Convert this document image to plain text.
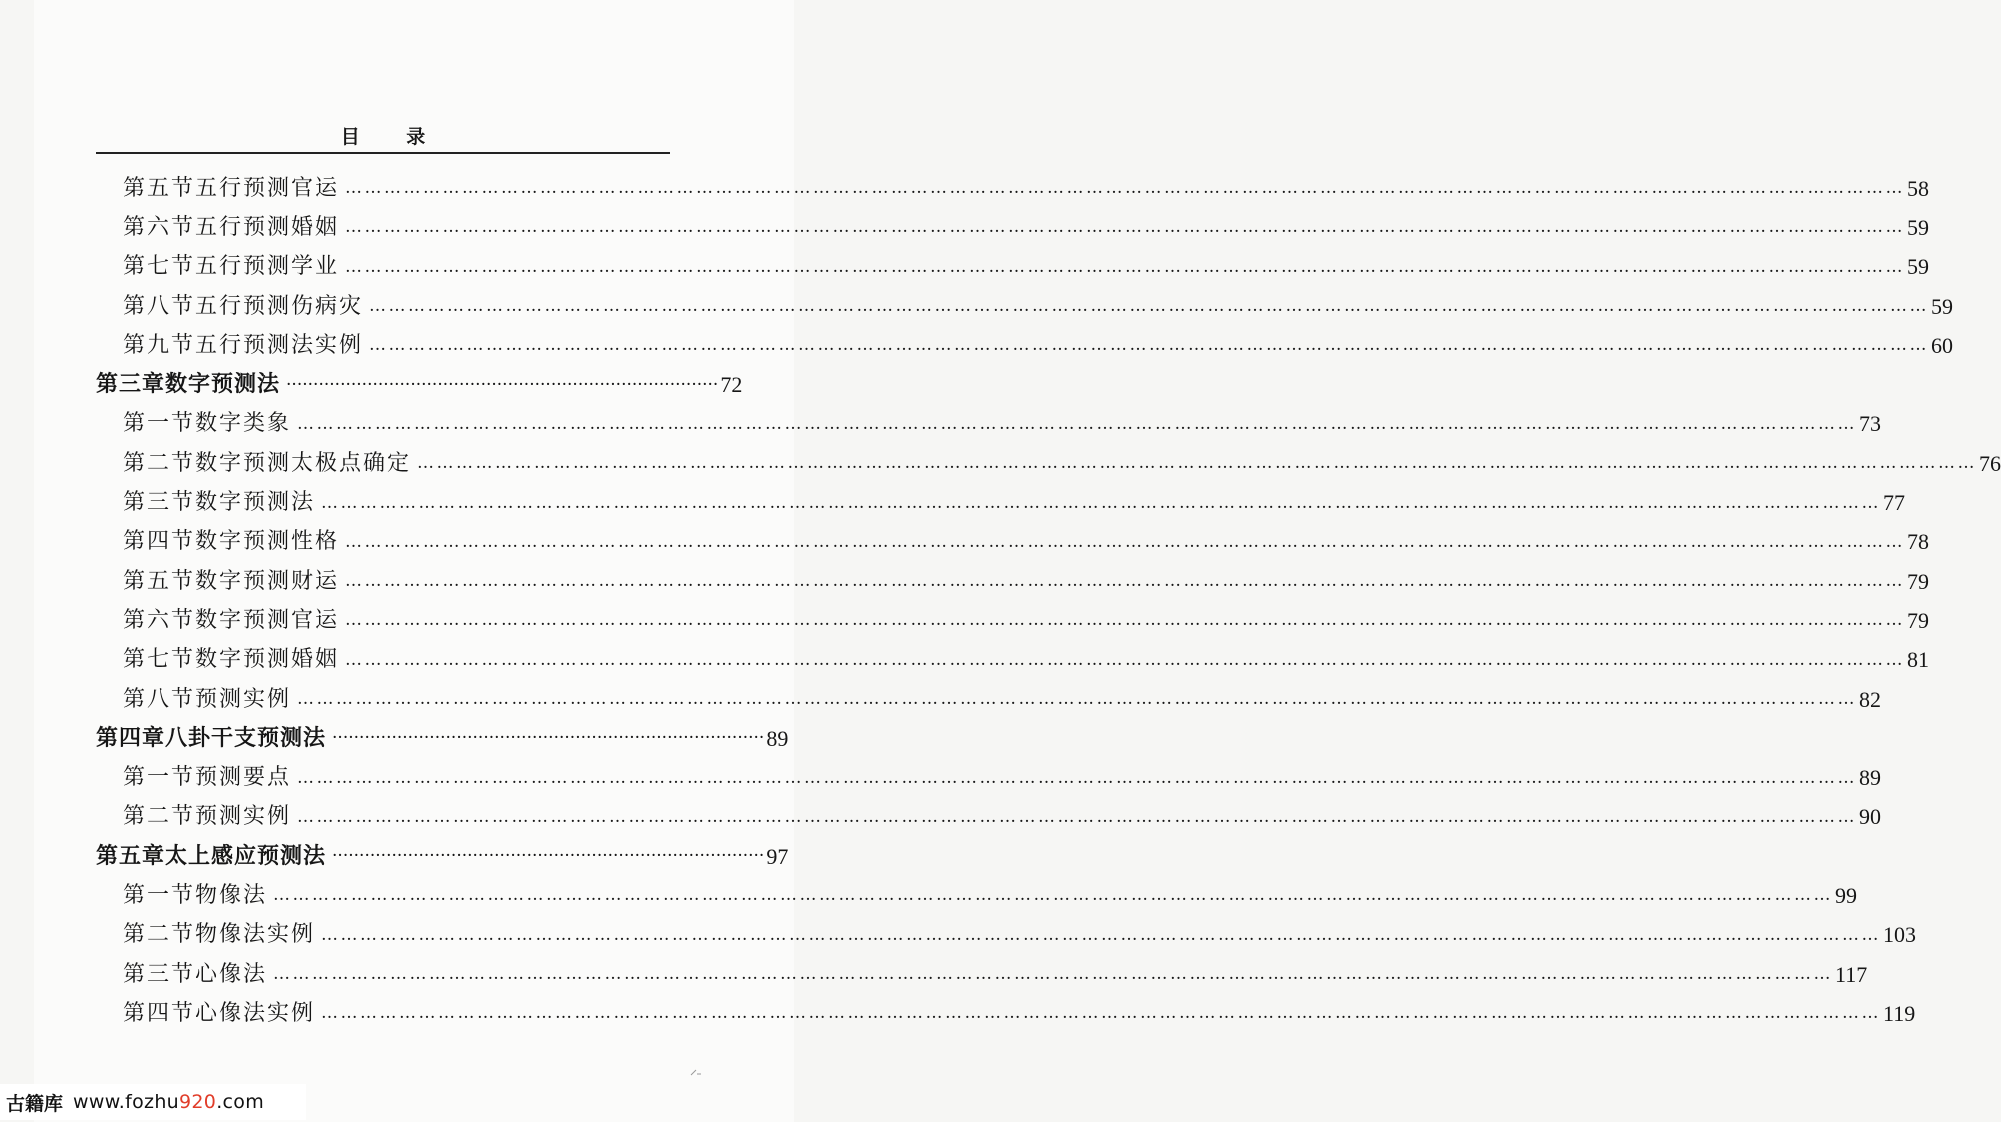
目 录
第五节 五行预测官运 …………………………………………………………………………………………………………………………………………………………………………………………………………………… 58
第六节 五行预测婚姻 …………………………………………………………………………………………………………………………………………………………………………………………………………………… 59
第七节 五行预测学业 …………………………………………………………………………………………………………………………………………………………………………………………………………………… 59
第八节 五行预测伤病灾 …………………………………………………………………………………………………………………………………………………………………………………………………………………… 59
第九节 五行预测法实例 …………………………………………………………………………………………………………………………………………………………………………………………………………………… 60
第三章 数字预测法 ················································································ 72
第一节 数字类象 …………………………………………………………………………………………………………………………………………………………………………………………………………………… 73
第二节 数字预测太极点确定 …………………………………………………………………………………………………………………………………………………………………………………………………………………… 76
第三节 数字预测法 …………………………………………………………………………………………………………………………………………………………………………………………………………………… 77
第四节 数字预测性格 …………………………………………………………………………………………………………………………………………………………………………………………………………………… 78
第五节 数字预测财运 …………………………………………………………………………………………………………………………………………………………………………………………………………………… 79
第六节 数字预测官运 …………………………………………………………………………………………………………………………………………………………………………………………………………………… 79
第七节 数字预测婚姻 …………………………………………………………………………………………………………………………………………………………………………………………………………………… 81
第八节 预测实例 …………………………………………………………………………………………………………………………………………………………………………………………………………………… 82
第四章 八卦干支预测法 ················································································ 89
第一节 预测要点 …………………………………………………………………………………………………………………………………………………………………………………………………………………… 89
第二节 预测实例 …………………………………………………………………………………………………………………………………………………………………………………………………………………… 90
第五章 太上感应预测法 ················································································ 97
第一节 物像法 …………………………………………………………………………………………………………………………………………………………………………………………………………………… 99
第二节 物像法实例 …………………………………………………………………………………………………………………………………………………………………………………………………………………… 103
第三节 心像法 …………………………………………………………………………………………………………………………………………………………………………………………………………………… 117
第四节 心像法实例 …………………………………………………………………………………………………………………………………………………………………………………………………………………… 119
古籍库 www.fozhu920.com
